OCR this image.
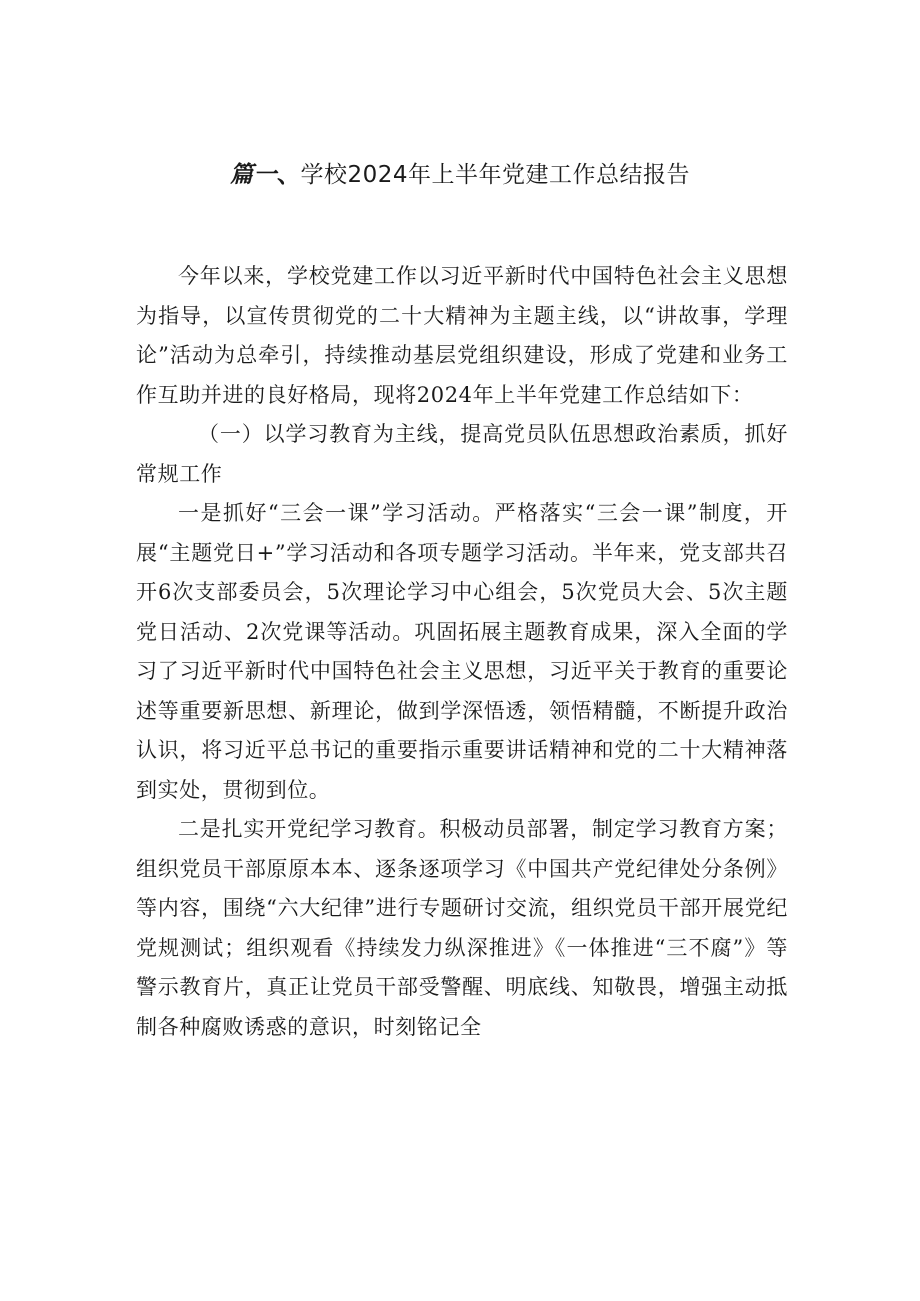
篇一、学校2024年上半年党建工作总结报告

今年以来，学校党建工作以习近平新时代中国特色社会主义思想为指导，以宣传贯彻党的二十大精神为主题主线，以“讲故事，学理论”活动为总牵引，持续推动基层党组织建设，形成了党建和业务工作互助并进的良好格局，现将2024年上半年党建工作总结如下：

（一）以学习教育为主线，提高党员队伍思想政治素质，抓好常规工作

一是抓好“三会一课”学习活动。严格落实“三会一课”制度，开展“主题党日+”学习活动和各项专题学习活动。半年来，党支部共召开6次支部委员会，5次理论学习中心组会，5次党员大会、5次主题党日活动、2次党课等活动。巩固拓展主题教育成果，深入全面的学习了习近平新时代中国特色社会主义思想，习近平关于教育的重要论述等重要新思想、新理论，做到学深悟透，领悟精髓，不断提升政治认识，将习近平总书记的重要指示重要讲话精神和党的二十大精神落到实处，贯彻到位。

二是扎实开党纪学习教育。积极动员部署，制定学习教育方案；组织党员干部原原本本、逐条逐项学习《中国共产党纪律处分条例》等内容，围绕“六大纪律”进行专题研讨交流，组织党员干部开展党纪党规测试；组织观看《持续发力纵深推进》《一体推进“三不腐”》等警示教育片，真正让党员干部受警醒、明底线、知敬畏，增强主动抵制各种腐败诱惑的意识，时刻铭记全
